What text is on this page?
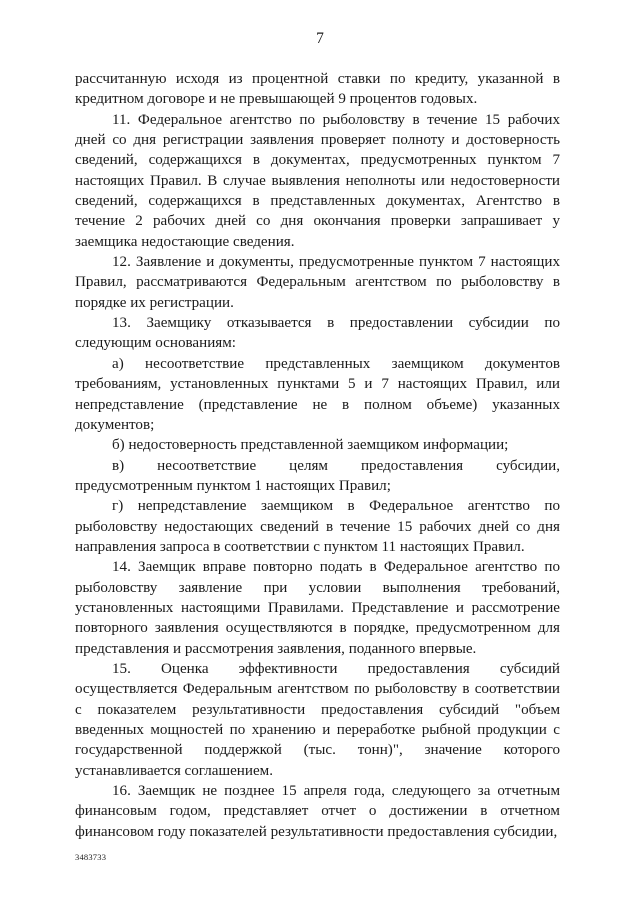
7

рассчитанную исходя из процентной ставки по кредиту, указанной в кредитном договоре и не превышающей 9 процентов годовых.

11. Федеральное агентство по рыболовству в течение 15 рабочих дней со дня регистрации заявления проверяет полноту и достоверность сведений, содержащихся в документах, предусмотренных пунктом 7 настоящих Правил. В случае выявления неполноты или недостоверности сведений, содержащихся в представленных документах, Агентство в течение 2 рабочих дней со дня окончания проверки запрашивает у заемщика недостающие сведения.

12. Заявление и документы, предусмотренные пунктом 7 настоящих Правил, рассматриваются Федеральным агентством по рыболовству в порядке их регистрации.

13. Заемщику отказывается в предоставлении субсидии по следующим основаниям:

а) несоответствие представленных заемщиком документов требованиям, установленных пунктами 5 и 7 настоящих Правил, или непредставление (представление не в полном объеме) указанных документов;

б) недостоверность представленной заемщиком информации;

в) несоответствие целям предоставления субсидии, предусмотренным пунктом 1 настоящих Правил;

г) непредставление заемщиком в Федеральное агентство по рыболовству недостающих сведений в течение 15 рабочих дней со дня направления запроса в соответствии с пунктом 11 настоящих Правил.

14. Заемщик вправе повторно подать в Федеральное агентство по рыболовству заявление при условии выполнения требований, установленных настоящими Правилами. Представление и рассмотрение повторного заявления осуществляются в порядке, предусмотренном для представления и рассмотрения заявления, поданного впервые.

15. Оценка эффективности предоставления субсидий осуществляется Федеральным агентством по рыболовству в соответствии с показателем результативности предоставления субсидий "объем введенных мощностей по хранению и переработке рыбной продукции с государственной поддержкой (тыс. тонн)", значение которого устанавливается соглашением.

16. Заемщик не позднее 15 апреля года, следующего за отчетным финансовым годом, представляет отчет о достижении в отчетном финансовом году показателей результативности предоставления субсидии,

3483733
